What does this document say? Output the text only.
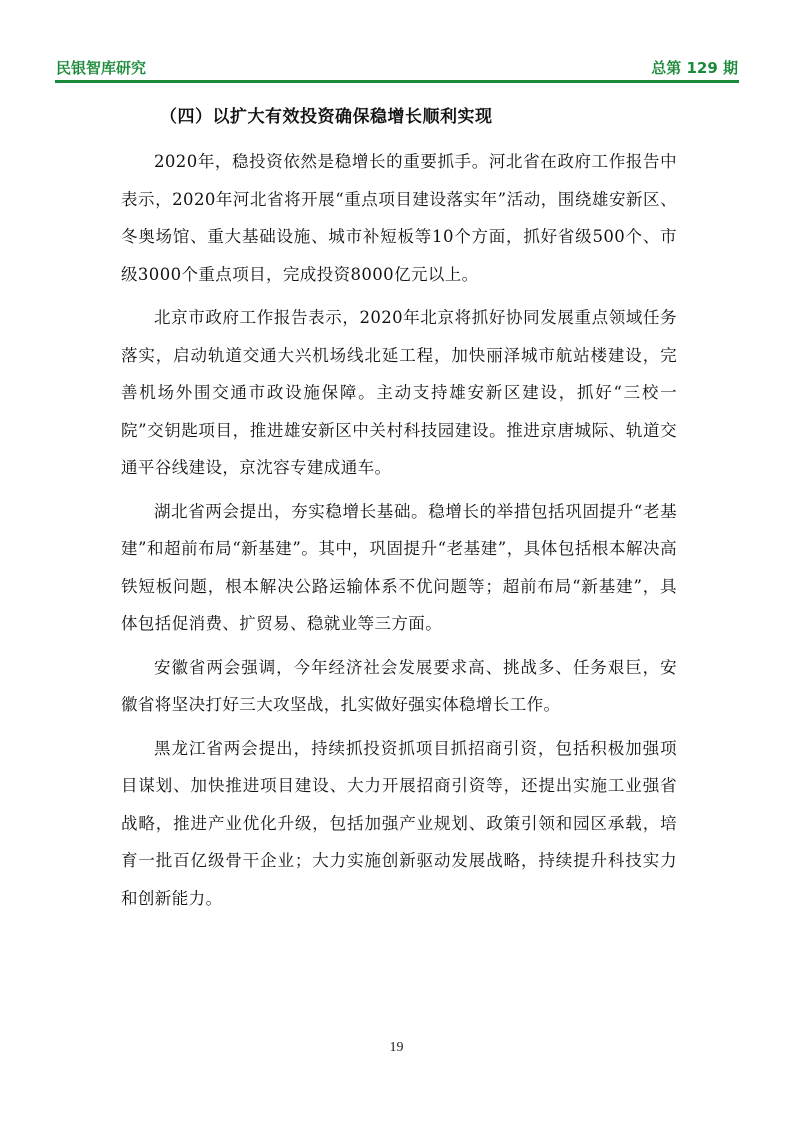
民银智库研究	总第 129 期
（四）以扩大有效投资确保稳增长顺利实现

2020年，稳投资依然是稳增长的重要抓手。河北省在政府工作报告中表示，2020年河北省将开展“重点项目建设落实年”活动，围绕雄安新区、冬奥场馆、重大基础设施、城市补短板等10个方面，抓好省级500个、市级3000个重点项目，完成投资8000亿元以上。

北京市政府工作报告表示，2020年北京将抓好协同发展重点领域任务落实，启动轨道交通大兴机场线北延工程，加快丽泽城市航站楼建设，完善机场外围交通市政设施保障。主动支持雄安新区建设，抓好“三校一院”交钥匙项目，推进雄安新区中关村科技园建设。推进京唐城际、轨道交通平谷线建设，京沈容专建成通车。

湖北省两会提出，夯实稳增长基础。稳增长的举措包括巩固提升“老基建”和超前布局“新基建”。其中，巩固提升“老基建”，具体包括根本解决高铁短板问题，根本解决公路运输体系不优问题等；超前布局“新基建”，具体包括促消费、扩贸易、稳就业等三方面。

安徽省两会强调，今年经济社会发展要求高、挑战多、任务艰巨，安徽省将坚决打好三大攻坚战，扎实做好强实体稳增长工作。

黑龙江省两会提出，持续抓投资抓项目抓招商引资，包括积极加强项目谋划、加快推进项目建设、大力开展招商引资等，还提出实施工业强省战略，推进产业优化升级，包括加强产业规划、政策引领和园区承载，培育一批百亿级骨干企业；大力实施创新驱动发展战略，持续提升科技实力和创新能力。

19
